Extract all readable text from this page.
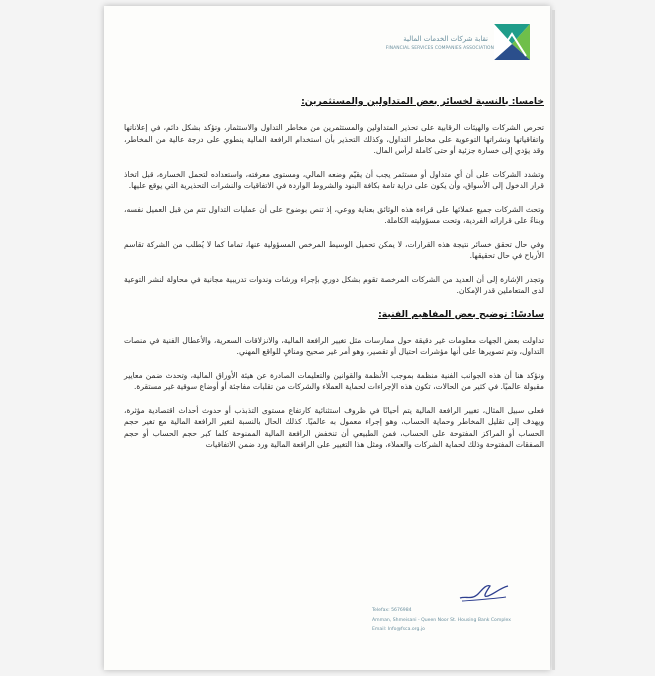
نقابة شركات الخدمات المالية
FINANCIAL SERVICES COMPANIES ASSOCIATION
خامسا: بالنسبة لخسائر بعض المتداولين والمستثمرين:

تحرص الشركات والهيئات الرقابية على تحذير المتداولين والمستثمرين من مخاطر التداول والاستثمار، وتؤكد بشكل دائم، في إعلاناتها واتفاقياتها ونشراتها التوعوية على مخاطر التداول، وكذلك التحذير بأن استخدام الرافعة المالية ينطوي على درجة عالية من المخاطر، وقد يؤدي إلى خسارة جزئية أو حتى كاملة لرأس المال.

وتشدد الشركات على أن أي متداول أو مستثمر يجب أن يقيّم وضعه المالي، ومستوى معرفته، واستعداده لتحمل الخسارة، قبل اتخاذ قرار الدخول إلى الأسواق، وأن يكون على دراية تامة بكافة البنود والشروط الواردة في الاتفاقيات والنشرات التحذيرية التي يوقع عليها.

وتحث الشركات جميع عملائها على قراءة هذه الوثائق بعناية ووعي، إذ تنص بوضوح على أن عمليات التداول تتم من قبل العميل نفسه، وبناءً على قراراته الفردية، وتحت مسؤوليته الكاملة.

وفي حال تحقق خسائر نتيجة هذه القرارات، لا يمكن تحميل الوسيط المرخص المسؤولية عنها، تماما كما لا يُطلب من الشركة تقاسم الأرباح في حال تحقيقها.

وتجدر الإشارة إلى أن العديد من الشركات المرخصة تقوم بشكل دوري بإجراء ورشات وندوات تدريبية مجانية في محاولة لنشر التوعية لدى المتعاملين قدر الإمكان.

سادسًا: توضيح بعض المفاهيم الفنية:

تداولت بعض الجهات معلومات غير دقيقة حول ممارسات مثل تغيير الرافعة المالية، والانزلاقات السعرية، والأعطال الفنية في منصات التداول، وتم تصويرها على أنها مؤشرات احتيال أو تقصير، وهو أمر غير صحيح ومنافٍ للواقع المهني.

ونؤكد هنا أن هذه الجوانب الفنية منظمة بموجب الأنظمة والقوانين والتعليمات الصادرة عن هيئة الأوراق المالية، وتحدث ضمن معايير مقبولة عالميًا. في كثير من الحالات، تكون هذه الإجراءات لحماية العملاء والشركات من تقلبات مفاجئة أو أوضاع سوقية غير مستقرة.

فعلى سبيل المثال، تغيير الرافعة المالية يتم أحيانًا في ظروف استثنائية كارتفاع مستوى التذبذب أو حدوث أحداث اقتصادية مؤثرة، ويهدف إلى تقليل المخاطر وحماية الحساب، وهو إجراء معمول به عالميًا. كذلك الحال بالنسبة لتغير الرافعة المالية مع تغير حجم الحساب أو المراكز المفتوحة على الحساب، فمن الطبيعي أن تنخفض الرافعة المالية الممنوحة كلما كبر حجم الحساب أو حجم الصفقات المفتوحة وذلك لحماية الشركات والعملاء، ومثل هذا التغيير على الرافعة المالية ورد ضمن الاتفاقيات

Telefax: 5676984
Amman, Shmeisani - Queen Noor St. Housing Bank Complex
Email: Info@fsca.org.jo
